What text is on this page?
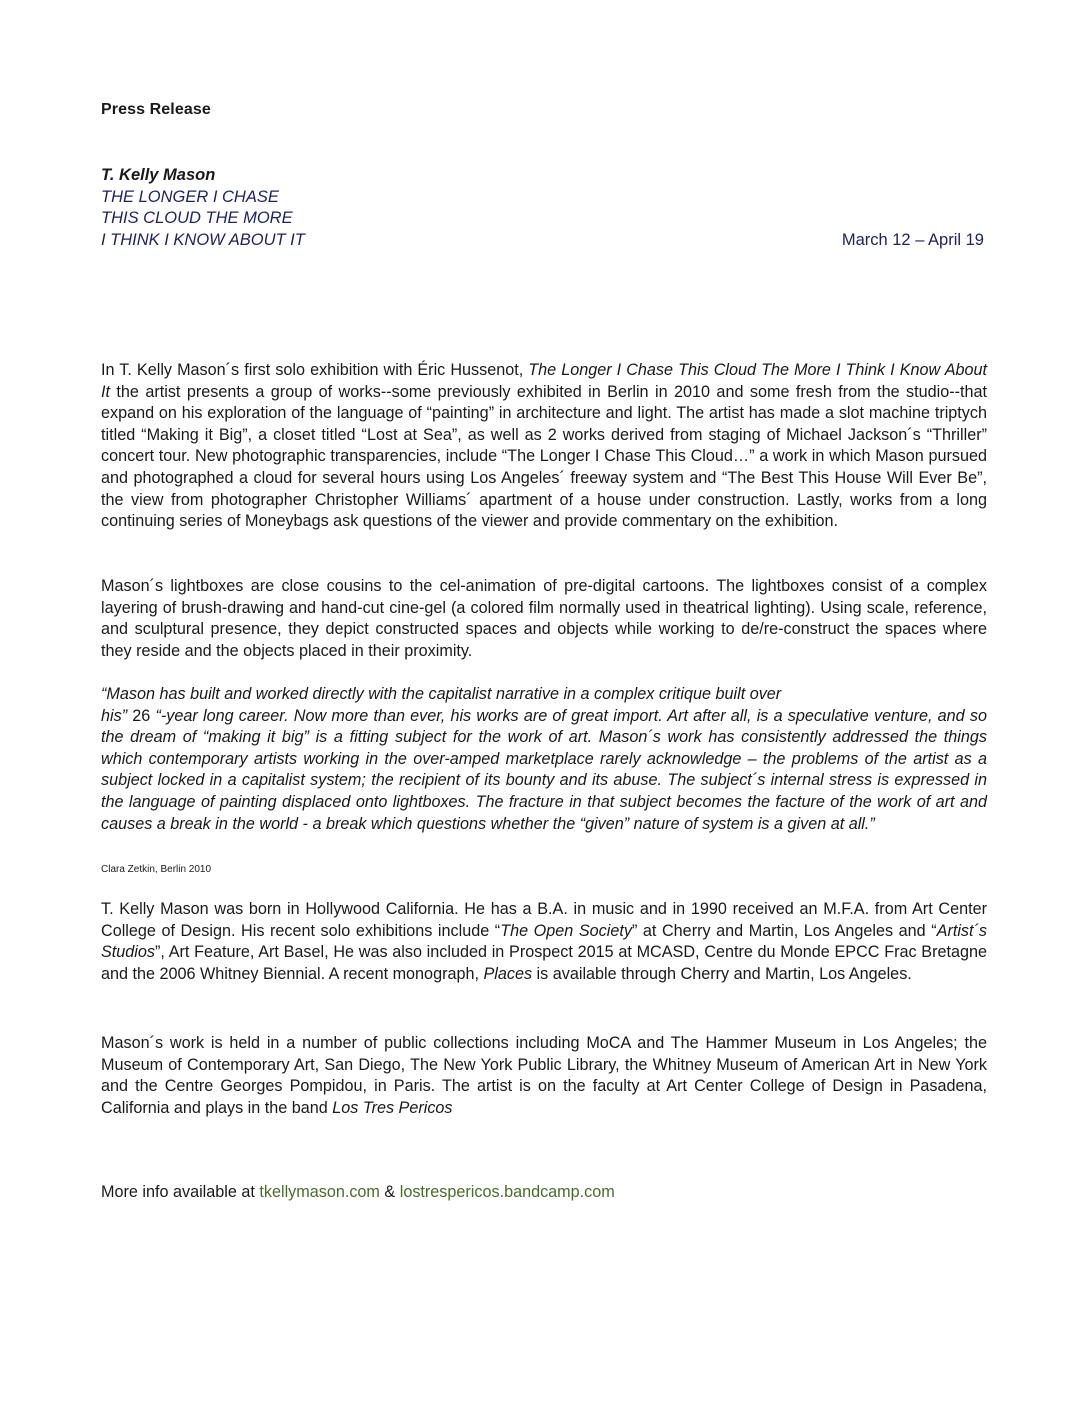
Press Release
T. Kelly Mason
THE LONGER I CHASE
THIS CLOUD THE MORE
I THINK I KNOW ABOUT IT	March 12 – April 19

In T. Kelly Mason´s first solo exhibition with Éric Hussenot, The Longer I Chase This Cloud The More I Think I Know About It the artist presents a group of works--some previously exhibited in Berlin in 2010 and some fresh from the studio--that expand on his exploration of the language of “painting” in architecture and light. The artist has made a slot machine triptych titled “Making it Big”, a closet titled “Lost at Sea”, as well as 2 works derived from staging of Michael Jackson´s “Thriller” concert tour. New photographic transparencies, include “The Longer I Chase This Cloud…” a work in which Mason pursued and photographed a cloud for several hours using Los Angeles´ freeway system and “The Best This House Will Ever Be”, the view from photographer Christopher Williams´ apartment of a house under construction. Lastly, works from a long continuing series of Moneybags ask questions of the viewer and provide commentary on the exhibition.

Mason´s lightboxes are close cousins to the cel-animation of pre-digital cartoons. The lightboxes consist of a complex layering of brush-drawing and hand-cut cine-gel (a colored film normally used in theatrical lighting). Using scale, reference, and sculptural presence, they depict constructed spaces and objects while working to de/re-construct the spaces where they reside and the objects placed in their proximity.

“Mason has built and worked directly with the capitalist narrative in a complex critique built over
his” 26 “-year long career. Now more than ever, his works are of great import. Art after all, is a speculative venture, and so the dream of “making it big” is a fitting subject for the work of art. Mason´s work has consistently addressed the things which contemporary artists working in the over-amped marketplace rarely acknowledge – the problems of the artist as a subject locked in a capitalist system; the recipient of its bounty and its abuse. The subject´s internal stress is expressed in the language of painting displaced onto lightboxes. The fracture in that subject becomes the facture of the work of art and causes a break in the world - a break which questions whether the “given” nature of system is a given at all.”

Clara Zetkin, Berlin 2010

T. Kelly Mason was born in Hollywood California. He has a B.A. in music and in 1990 received an M.F.A. from Art Center College of Design. His recent solo exhibitions include “The Open Society” at Cherry and Martin, Los Angeles and “Artist´s Studios”, Art Feature, Art Basel, He was also included in Prospect 2015 at MCASD, Centre du Monde EPCC Frac Bretagne and the 2006 Whitney Biennial. A recent monograph, Places is available through Cherry and Martin, Los Angeles.

Mason´s work is held in a number of public collections including MoCA and The Hammer Museum in Los Angeles; the Museum of Contemporary Art, San Diego, The New York Public Library, the Whitney Museum of American Art in New York and the Centre Georges Pompidou, in Paris. The artist is on the faculty at Art Center College of Design in Pasadena, California and plays in the band Los Tres Pericos

More info available at tkellymason.com & lostrespericos.bandcamp.com
